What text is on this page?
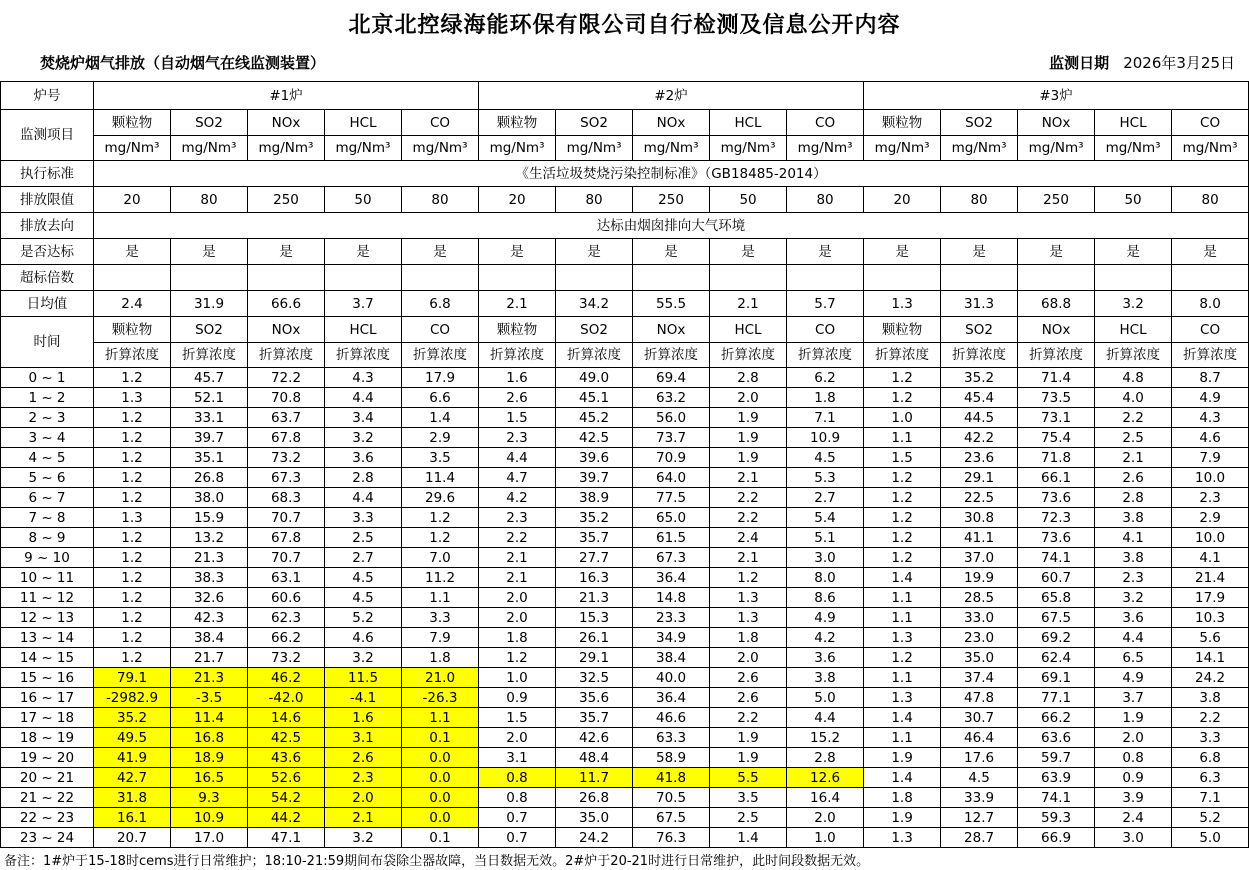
北京北控绿海能环保有限公司自行检测及信息公开内容
焚烧炉烟气排放（自动烟气在线监测装置）	监测日期 2026年3月25日
炉号	#1炉					#2炉					#3炉				
监测项目	颗粒物	SO2	NOx	HCL	CO	颗粒物	SO2	NOx	HCL	CO	颗粒物	SO2	NOx	HCL	CO
	mg/Nm³	mg/Nm³	mg/Nm³	mg/Nm³	mg/Nm³	mg/Nm³	mg/Nm³	mg/Nm³	mg/Nm³	mg/Nm³	mg/Nm³	mg/Nm³	mg/Nm³	mg/Nm³	mg/Nm³
执行标准	《生活垃圾焚烧污染控制标准》（GB18485-2014）														
排放限值	20	80	250	50	80	20	80	250	50	80	20	80	250	50	80
排放去向	达标由烟囱排向大气环境														
是否达标	是	是	是	是	是	是	是	是	是	是	是	是	是	是	是
超标倍数															
日均值	2.4	31.9	66.6	3.7	6.8	2.1	34.2	55.5	2.1	5.7	1.3	31.3	68.8	3.2	8.0
时间	颗粒物	SO2	NOx	HCL	CO	颗粒物	SO2	NOx	HCL	CO	颗粒物	SO2	NOx	HCL	CO
	折算浓度	折算浓度	折算浓度	折算浓度	折算浓度	折算浓度	折算浓度	折算浓度	折算浓度	折算浓度	折算浓度	折算浓度	折算浓度	折算浓度	折算浓度
0 ~ 1	1.2	45.7	72.2	4.3	17.9	1.6	49.0	69.4	2.8	6.2	1.2	35.2	71.4	4.8	8.7
1 ~ 2	1.3	52.1	70.8	4.4	6.6	2.6	45.1	63.2	2.0	1.8	1.2	45.4	73.5	4.0	4.9
2 ~ 3	1.2	33.1	63.7	3.4	1.4	1.5	45.2	56.0	1.9	7.1	1.0	44.5	73.1	2.2	4.3
3 ~ 4	1.2	39.7	67.8	3.2	2.9	2.3	42.5	73.7	1.9	10.9	1.1	42.2	75.4	2.5	4.6
4 ~ 5	1.2	35.1	73.2	3.6	3.5	4.4	39.6	70.9	1.9	4.5	1.5	23.6	71.8	2.1	7.9
5 ~ 6	1.2	26.8	67.3	2.8	11.4	4.7	39.7	64.0	2.1	5.3	1.2	29.1	66.1	2.6	10.0
6 ~ 7	1.2	38.0	68.3	4.4	29.6	4.2	38.9	77.5	2.2	2.7	1.2	22.5	73.6	2.8	2.3
7 ~ 8	1.3	15.9	70.7	3.3	1.2	2.3	35.2	65.0	2.2	5.4	1.2	30.8	72.3	3.8	2.9
8 ~ 9	1.2	13.2	67.8	2.5	1.2	2.2	35.7	61.5	2.4	5.1	1.2	41.1	73.6	4.1	10.0
9 ~ 10	1.2	21.3	70.7	2.7	7.0	2.1	27.7	67.3	2.1	3.0	1.2	37.0	74.1	3.8	4.1
10 ~ 11	1.2	38.3	63.1	4.5	11.2	2.1	16.3	36.4	1.2	8.0	1.4	19.9	60.7	2.3	21.4
11 ~ 12	1.2	32.6	60.6	4.5	1.1	2.0	21.3	14.8	1.3	8.6	1.1	28.5	65.8	3.2	17.9
12 ~ 13	1.2	42.3	62.3	5.2	3.3	2.0	15.3	23.3	1.3	4.9	1.1	33.0	67.5	3.6	10.3
13 ~ 14	1.2	38.4	66.2	4.6	7.9	1.8	26.1	34.9	1.8	4.2	1.3	23.0	69.2	4.4	5.6
14 ~ 15	1.2	21.7	73.2	3.2	1.8	1.2	29.1	38.4	2.0	3.6	1.2	35.0	62.4	6.5	14.1
15 ~ 16	79.1	21.3	46.2	11.5	21.0	1.0	32.5	40.0	2.6	3.8	1.1	37.4	69.1	4.9	24.2
16 ~ 17	-2982.9	-3.5	-42.0	-4.1	-26.3	0.9	35.6	36.4	2.6	5.0	1.3	47.8	77.1	3.7	3.8
17 ~ 18	35.2	11.4	14.6	1.6	1.1	1.5	35.7	46.6	2.2	4.4	1.4	30.7	66.2	1.9	2.2
18 ~ 19	49.5	16.8	42.5	3.1	0.1	2.0	42.6	63.3	1.9	15.2	1.1	46.4	63.6	2.0	3.3
19 ~ 20	41.9	18.9	43.6	2.6	0.0	3.1	48.4	58.9	1.9	2.8	1.9	17.6	59.7	0.8	6.8
20 ~ 21	42.7	16.5	52.6	2.3	0.0	0.8	11.7	41.8	5.5	12.6	1.4	4.5	63.9	0.9	6.3
21 ~ 22	31.8	9.3	54.2	2.0	0.0	0.8	26.8	70.5	3.5	16.4	1.8	33.9	74.1	3.9	7.1
22 ~ 23	16.1	10.9	44.2	2.1	0.0	0.7	35.0	67.5	2.5	2.0	1.9	12.7	59.3	2.4	5.2
23 ~ 24	20.7	17.0	47.1	3.2	0.1	0.7	24.2	76.3	1.4	1.0	1.3	28.7	66.9	3.0	5.0
备注：1#炉于15-18时cems进行日常维护；18:10-21:59期间布袋除尘器故障，当日数据无效。2#炉于20-21时进行日常维护，此时间段数据无效。
